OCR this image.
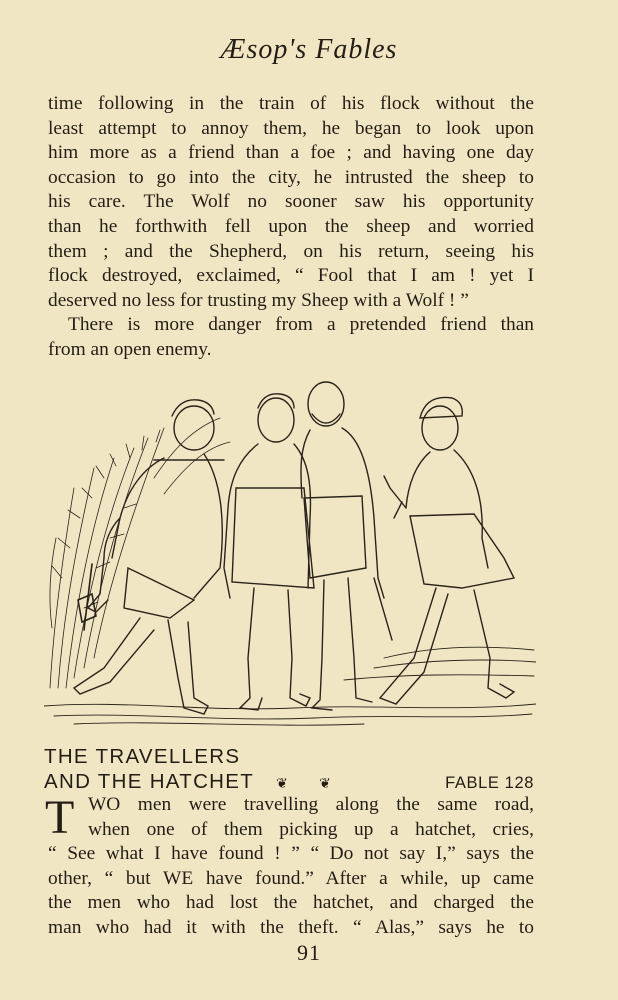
Æsop's Fables
time following in the train of his flock without the
least attempt to annoy them, he began to look upon
him more as a friend than a foe ; and having one day
occasion to go into the city, he intrusted the sheep to
his care. The Wolf no sooner saw his opportunity
than he forthwith fell upon the sheep and worried
them ; and the Shepherd, on his return, seeing his
flock destroyed, exclaimed, “ Fool that I am ! yet I
deserved no less for trusting my Sheep with a Wolf ! ”
There is more danger from a pretended friend than
from an open enemy.
THE TRAVELLERS
AND THE HATCHET ❦ ❦	FABLE 128
T WO men were travelling along the same road,
when one of them picking up a hatchet, cries,
“ See what I have found ! ” “ Do not say I,” says the
other, “ but WE have found.” After a while, up came
the men who had lost the hatchet, and charged the
man who had it with the theft. “ Alas,” says he to
91
